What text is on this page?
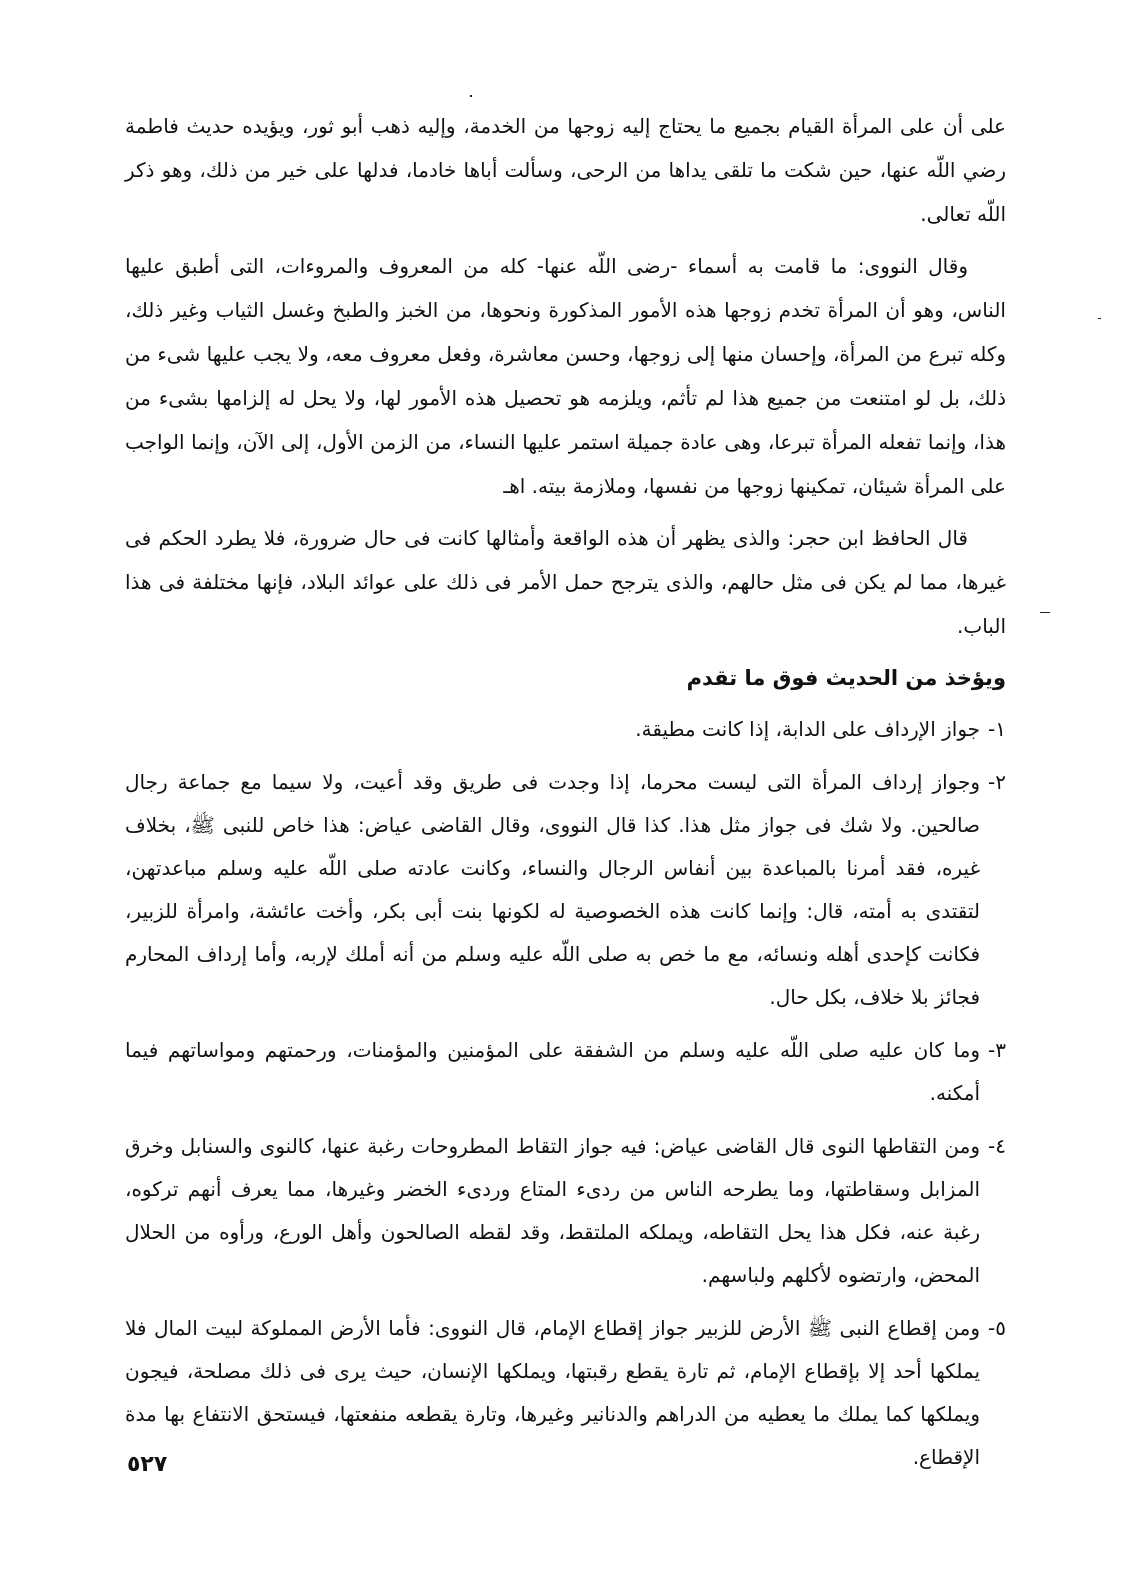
على أن على المرأة القيام بجميع ما يحتاج إليه زوجها من الخدمة، وإليه ذهب أبو ثور، ويؤيده حديث فاطمة رضي اللّه عنها، حين شكت ما تلقى يداها من الرحى، وسألت أباها خادما، فدلها على خير من ذلك، وهو ذكر اللّه تعالى.

وقال النووى: ما قامت به أسماء -رضى اللّه عنها- كله من المعروف والمروءات، التى أطبق عليها الناس، وهو أن المرأة تخدم زوجها هذه الأمور المذكورة ونحوها، من الخبز والطبخ وغسل الثياب وغير ذلك، وكله تبرع من المرأة، وإحسان منها إلى زوجها، وحسن معاشرة، وفعل معروف معه، ولا يجب عليها شىء من ذلك، بل لو امتنعت من جميع هذا لم تأثم، ويلزمه هو تحصيل هذه الأمور لها، ولا يحل له إلزامها بشىء من هذا، وإنما تفعله المرأة تبرعا، وهى عادة جميلة استمر عليها النساء، من الزمن الأول، إلى الآن، وإنما الواجب على المرأة شيئان، تمكينها زوجها من نفسها، وملازمة بيته. اهـ

قال الحافظ ابن حجر: والذى يظهر أن هذه الواقعة وأمثالها كانت فى حال ضرورة، فلا يطرد الحكم فى غيرها، مما لم يكن فى مثل حالهم، والذى يترجح حمل الأمر فى ذلك على عوائد البلاد، فإنها مختلفة فى هذا الباب.

ويؤخذ من الحديث فوق ما تقدم
١-
جواز الإرداف على الدابة، إذا كانت مطيقة.
٢-
وجواز إرداف المرأة التى ليست محرما، إذا وجدت فى طريق وقد أعيت، ولا سيما مع جماعة رجال صالحين. ولا شك فى جواز مثل هذا. كذا قال النووى، وقال القاضى عياض: هذا خاص للنبى ﷺ، بخلاف غيره، فقد أمرنا بالمباعدة بين أنفاس الرجال والنساء، وكانت عادته صلى اللّه عليه وسلم مباعدتهن، لتقتدى به أمته، قال: وإنما كانت هذه الخصوصية له لكونها بنت أبى بكر، وأخت عائشة، وامرأة للزبير، فكانت كإحدى أهله ونسائه، مع ما خص به صلى اللّه عليه وسلم من أنه أملك لإربه، وأما إرداف المحارم فجائز بلا خلاف، بكل حال.
٣-
وما كان عليه صلى اللّه عليه وسلم من الشفقة على المؤمنين والمؤمنات، ورحمتهم ومواساتهم فيما أمكنه.
٤-
ومن التقاطها النوى قال القاضى عياض: فيه جواز التقاط المطروحات رغبة عنها، كالنوى والسنابل وخرق المزابل وسقاطتها، وما يطرحه الناس من ردىء المتاع وردىء الخضر وغيرها، مما يعرف أنهم تركوه، رغبة عنه، فكل هذا يحل التقاطه، ويملكه الملتقط، وقد لقطه الصالحون وأهل الورع، ورأوه من الحلال المحض، وارتضوه لأكلهم ولباسهم.
٥-
ومن إقطاع النبى ﷺ الأرض للزبير جواز إقطاع الإمام، قال النووى: فأما الأرض المملوكة لبيت المال فلا يملكها أحد إلا بإقطاع الإمام، ثم تارة يقطع رقبتها، ويملكها الإنسان، حيث يرى فى ذلك مصلحة، فيجون ويملكها كما يملك ما يعطيه من الدراهم والدنانير وغيرها، وتارة يقطعه منفعتها، فيستحق الانتفاع بها مدة الإقطاع.
٥٢٧
